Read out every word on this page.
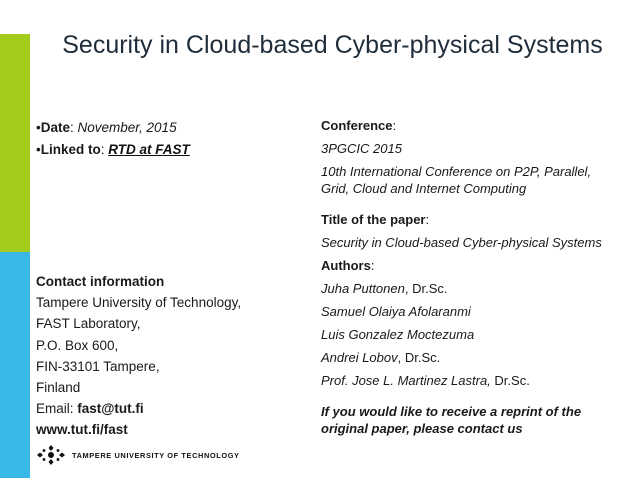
Security in Cloud-based Cyber-physical Systems
•Date: November, 2015
•Linked to: RTD at FAST
Contact information
Tampere University of Technology,
FAST Laboratory,
P.O. Box 600,
FIN-33101 Tampere,
Finland
Email: fast@tut.fi
www.tut.fi/fast
Conference:
3PGCIC 2015
10th International Conference on P2P, Parallel, Grid, Cloud and Internet Computing
Title of the paper:
Security in Cloud-based Cyber-physical Systems
Authors:
Juha Puttonen, Dr.Sc.
Samuel Olaiya Afolaranmi
Luis Gonzalez Moctezuma
Andrei Lobov, Dr.Sc.
Prof. Jose L. Martinez Lastra, Dr.Sc.
If you would like to receive a reprint of the original paper, please contact us
TAMPERE UNIVERSITY OF TECHNOLOGY
